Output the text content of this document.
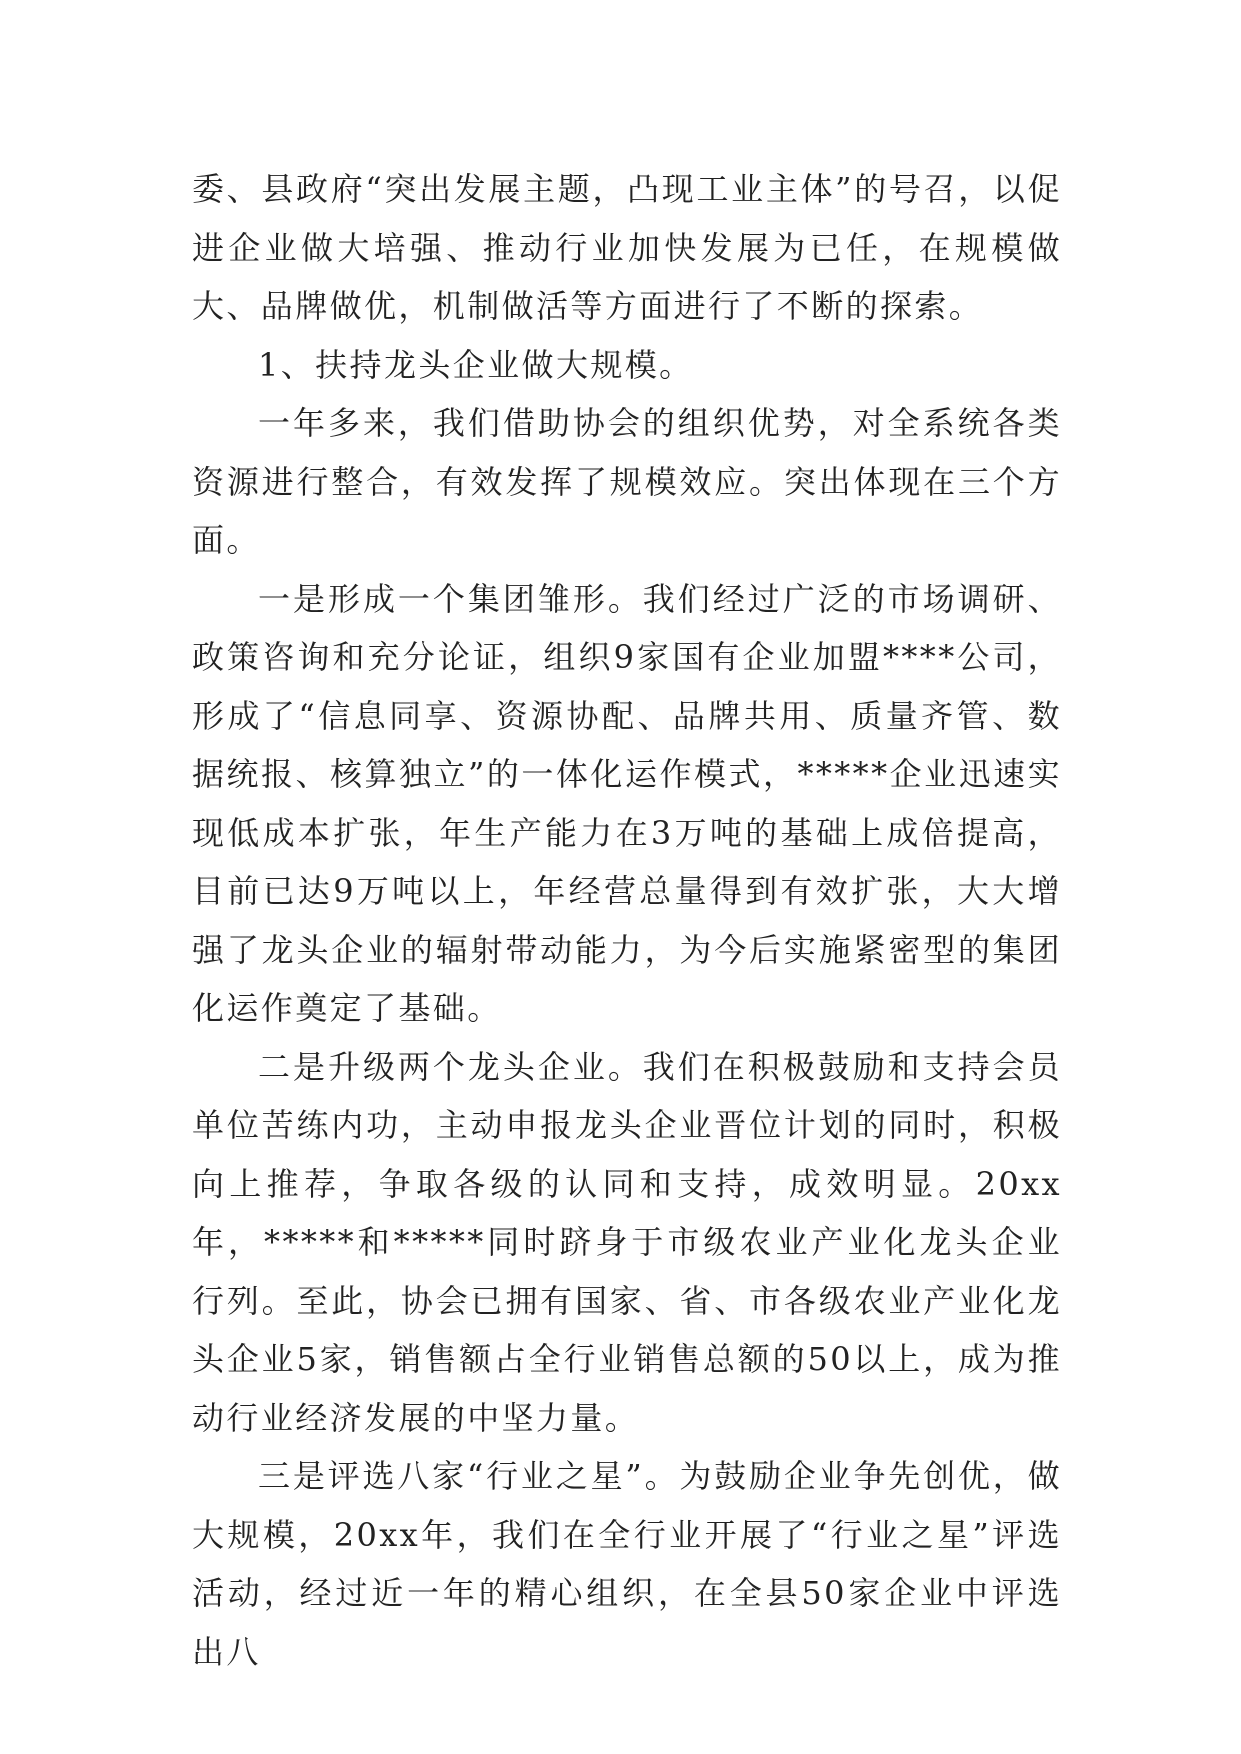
委、县政府“突出发展主题，凸现工业主体”的号召，以促进企业做大培强、推动行业加快发展为已任，在规模做大、品牌做优，机制做活等方面进行了不断的探索。

1、扶持龙头企业做大规模。

一年多来，我们借助协会的组织优势，对全系统各类资源进行整合，有效发挥了规模效应。突出体现在三个方面。

一是形成一个集团雏形。我们经过广泛的市场调研、政策咨询和充分论证，组织9家国有企业加盟****公司，形成了“信息同享、资源协配、品牌共用、质量齐管、数据统报、核算独立”的一体化运作模式，*****企业迅速实现低成本扩张，年生产能力在3万吨的基础上成倍提高，目前已达9万吨以上，年经营总量得到有效扩张，大大增强了龙头企业的辐射带动能力，为今后实施紧密型的集团化运作奠定了基础。

二是升级两个龙头企业。我们在积极鼓励和支持会员单位苦练内功，主动申报龙头企业晋位计划的同时，积极向上推荐，争取各级的认同和支持，成效明显。20xx年，*****和*****同时跻身于市级农业产业化龙头企业行列。至此，协会已拥有国家、省、市各级农业产业化龙头企业5家，销售额占全行业销售总额的50以上，成为推动行业经济发展的中坚力量。

三是评选八家“行业之星”。为鼓励企业争先创优，做大规模，20xx年，我们在全行业开展了“行业之星”评选活动，经过近一年的精心组织，在全县50家企业中评选出八
